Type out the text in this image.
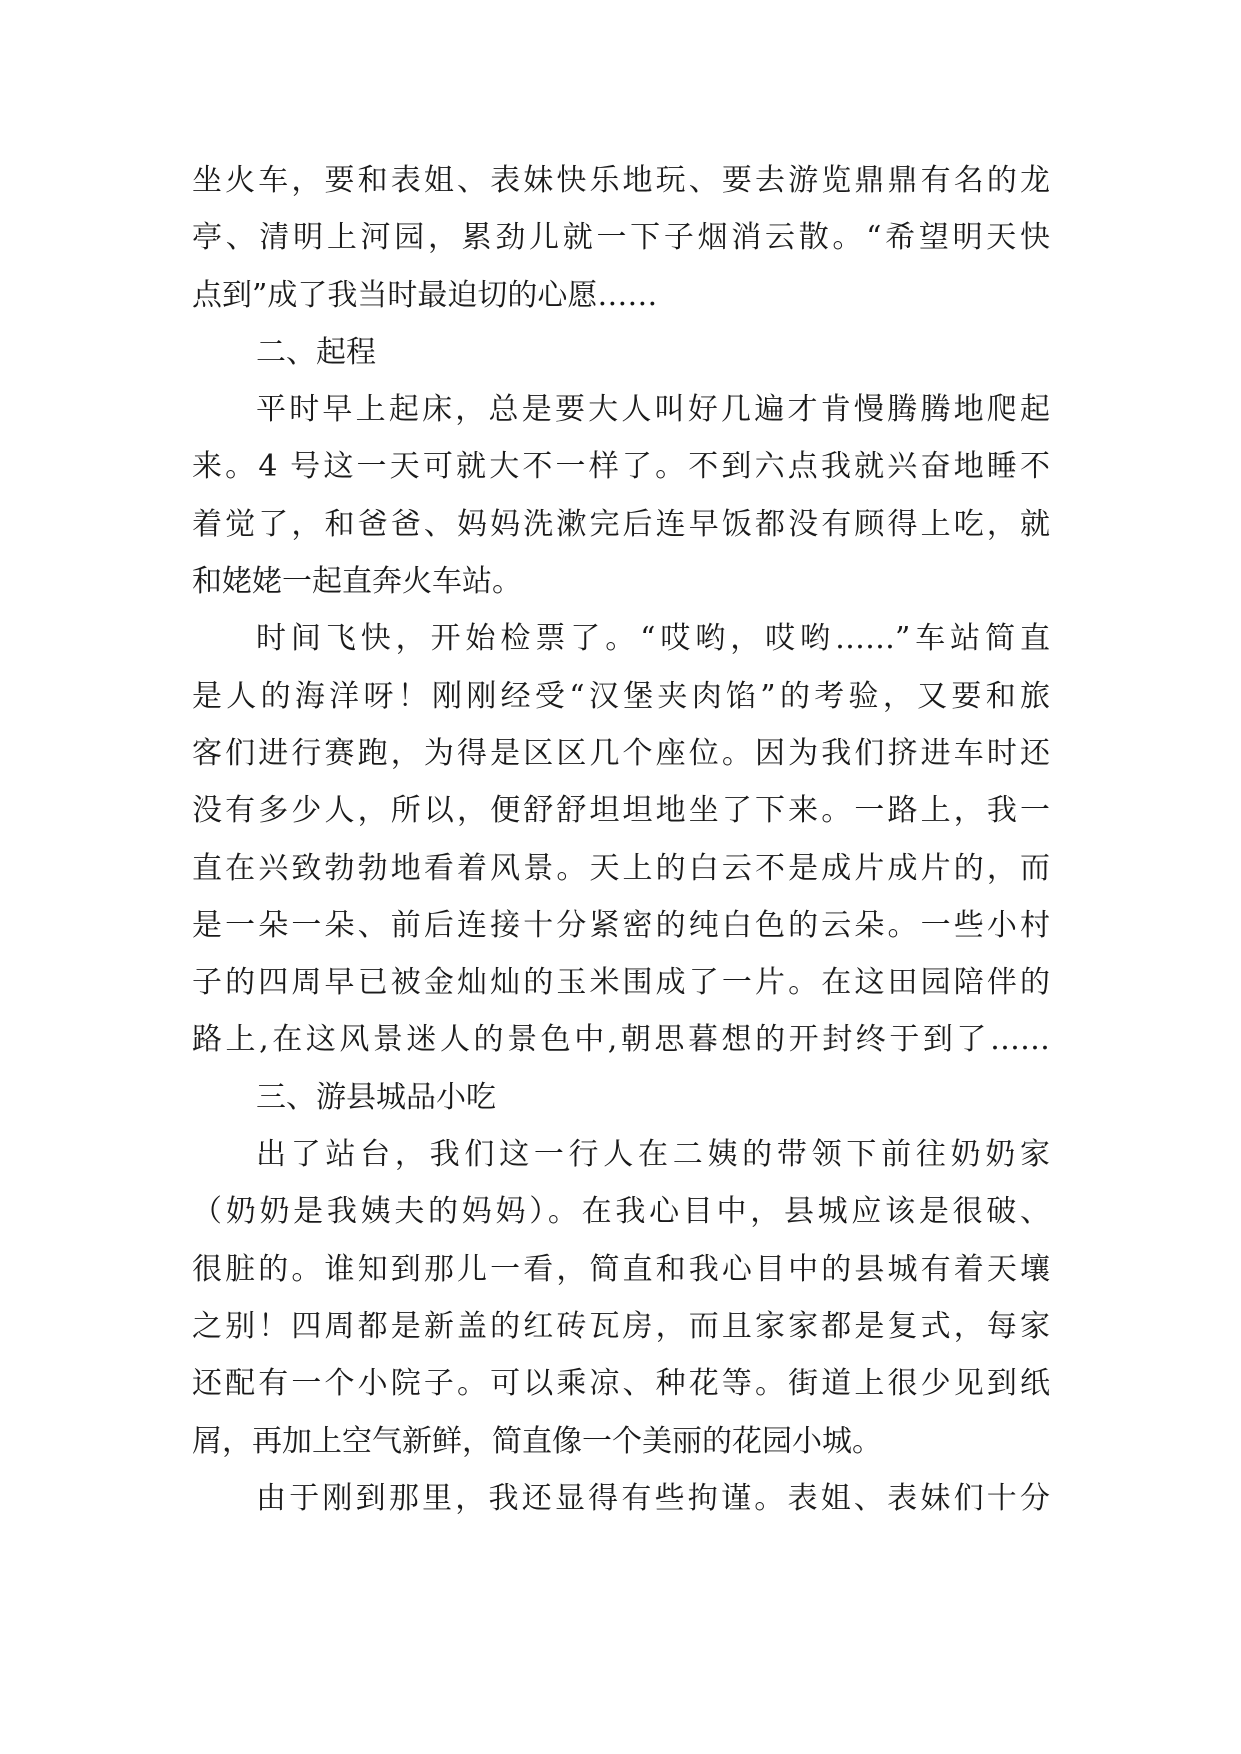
坐火车，要和表姐、表妹快乐地玩、要去游览鼎鼎有名的龙
亭、清明上河园，累劲儿就一下子烟消云散。“希望明天快
点到”成了我当时最迫切的心愿……
二、起程
平时早上起床，总是要大人叫好几遍才肯慢腾腾地爬起
来。4 号这一天可就大不一样了。不到六点我就兴奋地睡不
着觉了，和爸爸、妈妈洗漱完后连早饭都没有顾得上吃，就
和姥姥一起直奔火车站。
时间飞快，开始检票了。“哎哟，哎哟……”车站简直
是人的海洋呀！刚刚经受“汉堡夹肉馅”的考验，又要和旅
客们进行赛跑，为得是区区几个座位。因为我们挤进车时还
没有多少人，所以，便舒舒坦坦地坐了下来。一路上，我一
直在兴致勃勃地看着风景。天上的白云不是成片成片的，而
是一朵一朵、前后连接十分紧密的纯白色的云朵。一些小村
子的四周早已被金灿灿的玉米围成了一片。在这田园陪伴的
路上,在这风景迷人的景色中,朝思暮想的开封终于到了……
三、游县城品小吃
出了站台，我们这一行人在二姨的带领下前往奶奶家
（奶奶是我姨夫的妈妈）。在我心目中，县城应该是很破、
很脏的。谁知到那儿一看，简直和我心目中的县城有着天壤
之别！四周都是新盖的红砖瓦房，而且家家都是复式，每家
还配有一个小院子。可以乘凉、种花等。街道上很少见到纸
屑，再加上空气新鲜，简直像一个美丽的花园小城。
由于刚到那里，我还显得有些拘谨。表姐、表妹们十分
